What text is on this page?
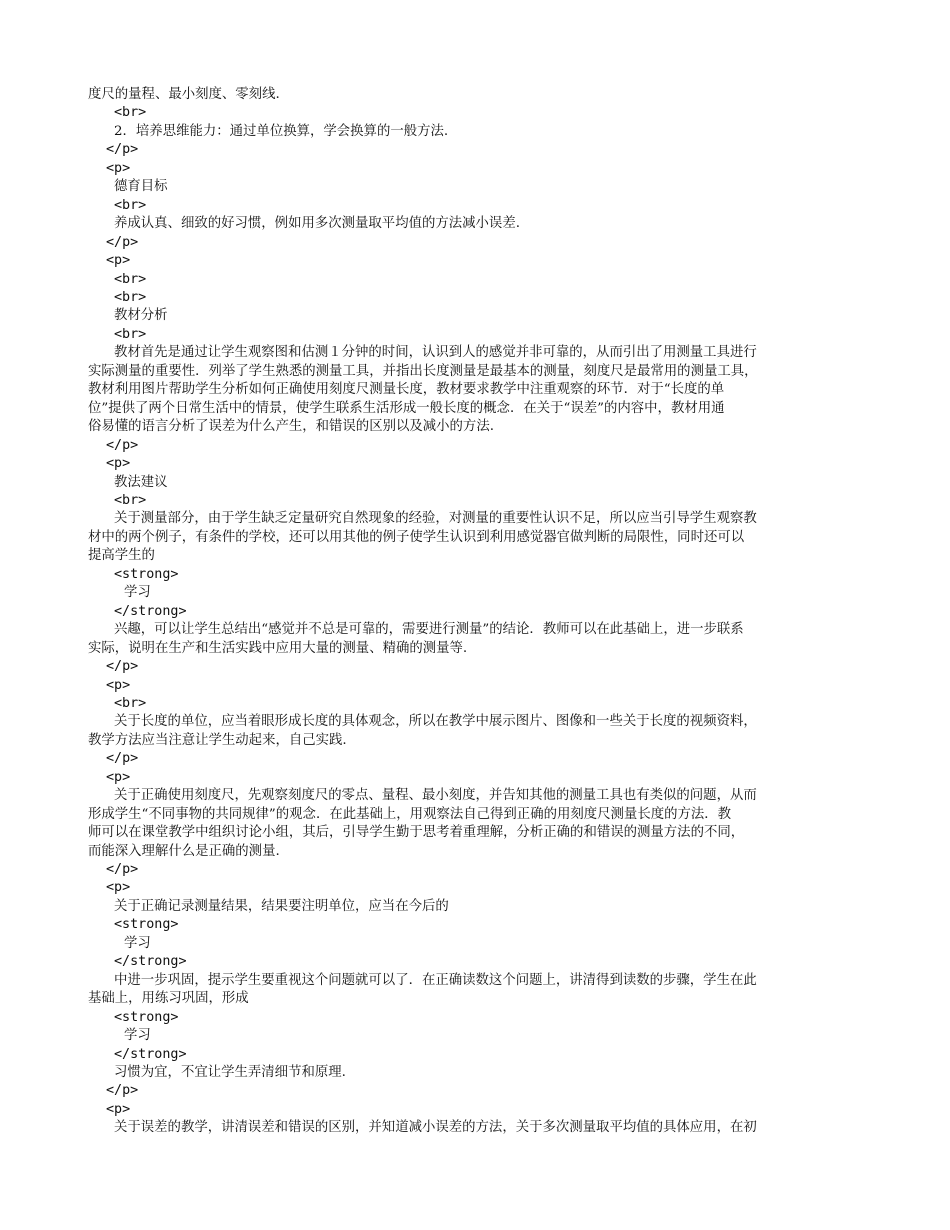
度尺的量程、最小刻度、零刻线.
<br>
2．培养思维能力：通过单位换算，学会换算的一般方法.
</p>
<p>
德育目标
<br>
养成认真、细致的好习惯，例如用多次测量取平均值的方法减小误差.
</p>
<p>
<br>
<br>
教材分析
<br>
教材首先是通过让学生观察图和估测１分钟的时间，认识到人的感觉并非可靠的，从而引出了用测量工具进行
实际测量的重要性．列举了学生熟悉的测量工具，并指出长度测量是最基本的测量，刻度尺是最常用的测量工具，
教材利用图片帮助学生分析如何正确使用刻度尺测量长度，教材要求教学中注重观察的环节．对于“长度的单
位”提供了两个日常生活中的情景，使学生联系生活形成一般长度的概念．在关于“误差”的内容中，教材用通
俗易懂的语言分析了误差为什么产生，和错误的区别以及减小的方法.
</p>
<p>
教法建议
<br>
关于测量部分，由于学生缺乏定量研究自然现象的经验，对测量的重要性认识不足，所以应当引导学生观察教
材中的两个例子，有条件的学校，还可以用其他的例子使学生认识到利用感觉器官做判断的局限性，同时还可以
提高学生的
<strong>
学习
</strong>
兴趣，可以让学生总结出“感觉并不总是可靠的，需要进行测量”的结论．教师可以在此基础上，进一步联系
实际，说明在生产和生活实践中应用大量的测量、精确的测量等.
</p>
<p>
<br>
关于长度的单位，应当着眼形成长度的具体观念，所以在教学中展示图片、图像和一些关于长度的视频资料，
教学方法应当注意让学生动起来，自己实践.
</p>
<p>
关于正确使用刻度尺，先观察刻度尺的零点、量程、最小刻度，并告知其他的测量工具也有类似的问题，从而
形成学生“不同事物的共同规律”的观念．在此基础上，用观察法自己得到正确的用刻度尺测量长度的方法．教
师可以在课堂教学中组织讨论小组，其后，引导学生勤于思考着重理解，分析正确的和错误的测量方法的不同，
而能深入理解什么是正确的测量.
</p>
<p>
关于正确记录测量结果，结果要注明单位，应当在今后的
<strong>
学习
</strong>
中进一步巩固，提示学生要重视这个问题就可以了．在正确读数这个问题上，讲清得到读数的步骤，学生在此
基础上，用练习巩固，形成
<strong>
学习
</strong>
习惯为宜，不宜让学生弄清细节和原理.
</p>
<p>
关于误差的教学，讲清误差和错误的区别，并知道减小误差的方法，关于多次测量取平均值的具体应用，在初
